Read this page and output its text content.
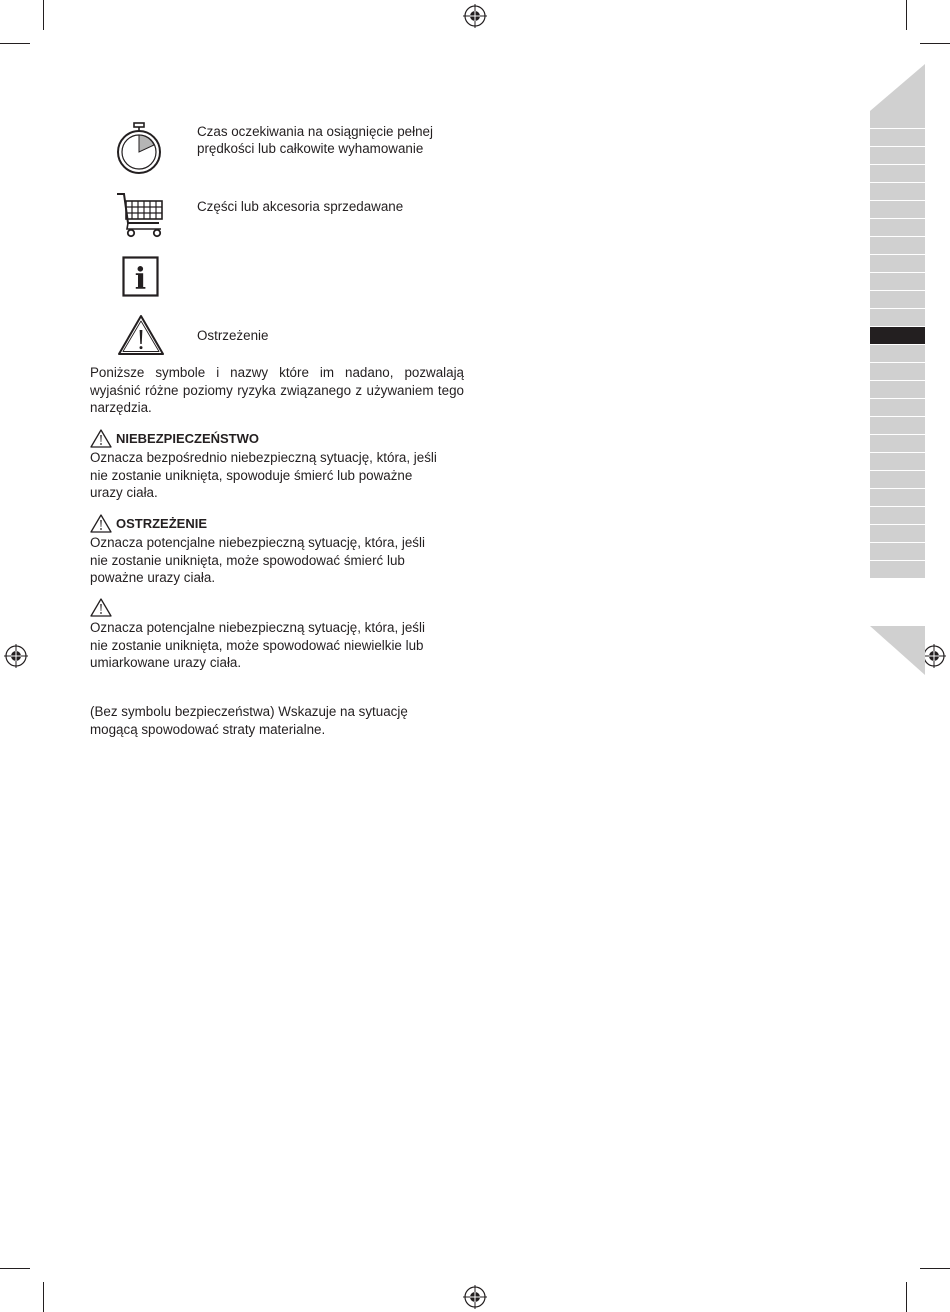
Czas oczekiwania na osiągnięcie pełnej
prędkości lub całkowite wyhamowanie
Części lub akcesoria sprzedawane
i
Ostrzeżenie
Poniższe symbole i nazwy które im nadano, pozwalają wyjaśnić różne poziomy ryzyka związanego z używaniem tego narzędzia.
NIEBEZPIECZEŃSTWO
Oznacza bezpośrednio niebezpieczną sytuację, która, jeśli
nie zostanie uniknięta, spowoduje śmierć lub poważne
urazy ciała.
OSTRZEŻENIE
Oznacza potencjalne niebezpieczną sytuację, która, jeśli
nie zostanie uniknięta, może spowodować śmierć lub
poważne urazy ciała.
Oznacza potencjalne niebezpieczną sytuację, która, jeśli
nie zostanie uniknięta, może spowodować niewielkie lub
umiarkowane urazy ciała.
(Bez symbolu bezpieczeństwa) Wskazuje na sytuację
mogącą spowodować straty materialne.
